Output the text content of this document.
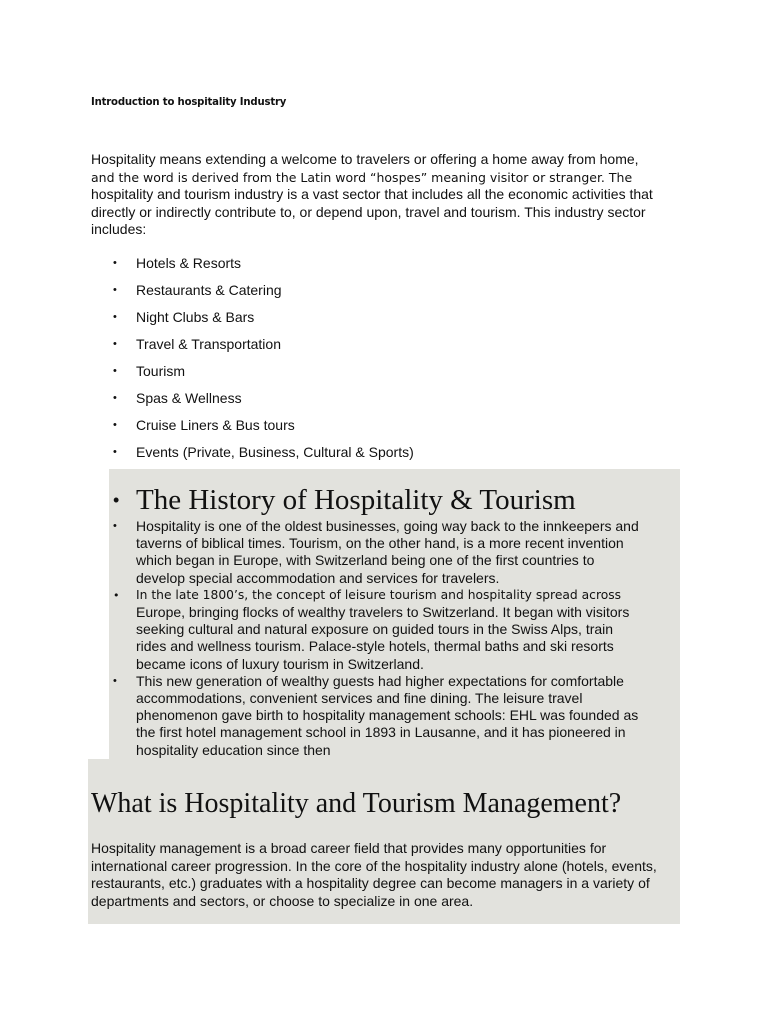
Introduction to hospitality Industry

Hospitality means extending a welcome to travelers or offering a home away from home,
and the word is derived from the Latin word “hospes” meaning visitor or stranger. The
hospitality and tourism industry is a vast sector that includes all the economic activities that directly or indirectly contribute to, or depend upon, travel and tourism. This industry sector includes:

• Hotels & Resorts
• Restaurants & Catering
• Night Clubs & Bars
• Travel & Transportation
• Tourism
• Spas & Wellness
• Cruise Liners & Bus tours
• Events (Private, Business, Cultural & Sports)
• The History of Hospitality & Tourism
• Hospitality is one of the oldest businesses, going way back to the innkeepers and taverns of biblical times. Tourism, on the other hand, is a more recent invention which began in Europe, with Switzerland being one of the first countries to develop special accommodation and services for travelers.
• In the late 1800’s, the concept of leisure tourism and hospitality spread across
Europe, bringing flocks of wealthy travelers to Switzerland. It began with visitors seeking cultural and natural exposure on guided tours in the Swiss Alps, train rides and wellness tourism. Palace-style hotels, thermal baths and ski resorts became icons of luxury tourism in Switzerland.
• This new generation of wealthy guests had higher expectations for comfortable accommodations, convenient services and fine dining. The leisure travel phenomenon gave birth to hospitality management schools: EHL was founded as the first hotel management school in 1893 in Lausanne, and it has pioneered in hospitality education since then
What is Hospitality and Tourism Management?

Hospitality management is a broad career field that provides many opportunities for international career progression. In the core of the hospitality industry alone (hotels, events, restaurants, etc.) graduates with a hospitality degree can become managers in a variety of departments and sectors, or choose to specialize in one area.
